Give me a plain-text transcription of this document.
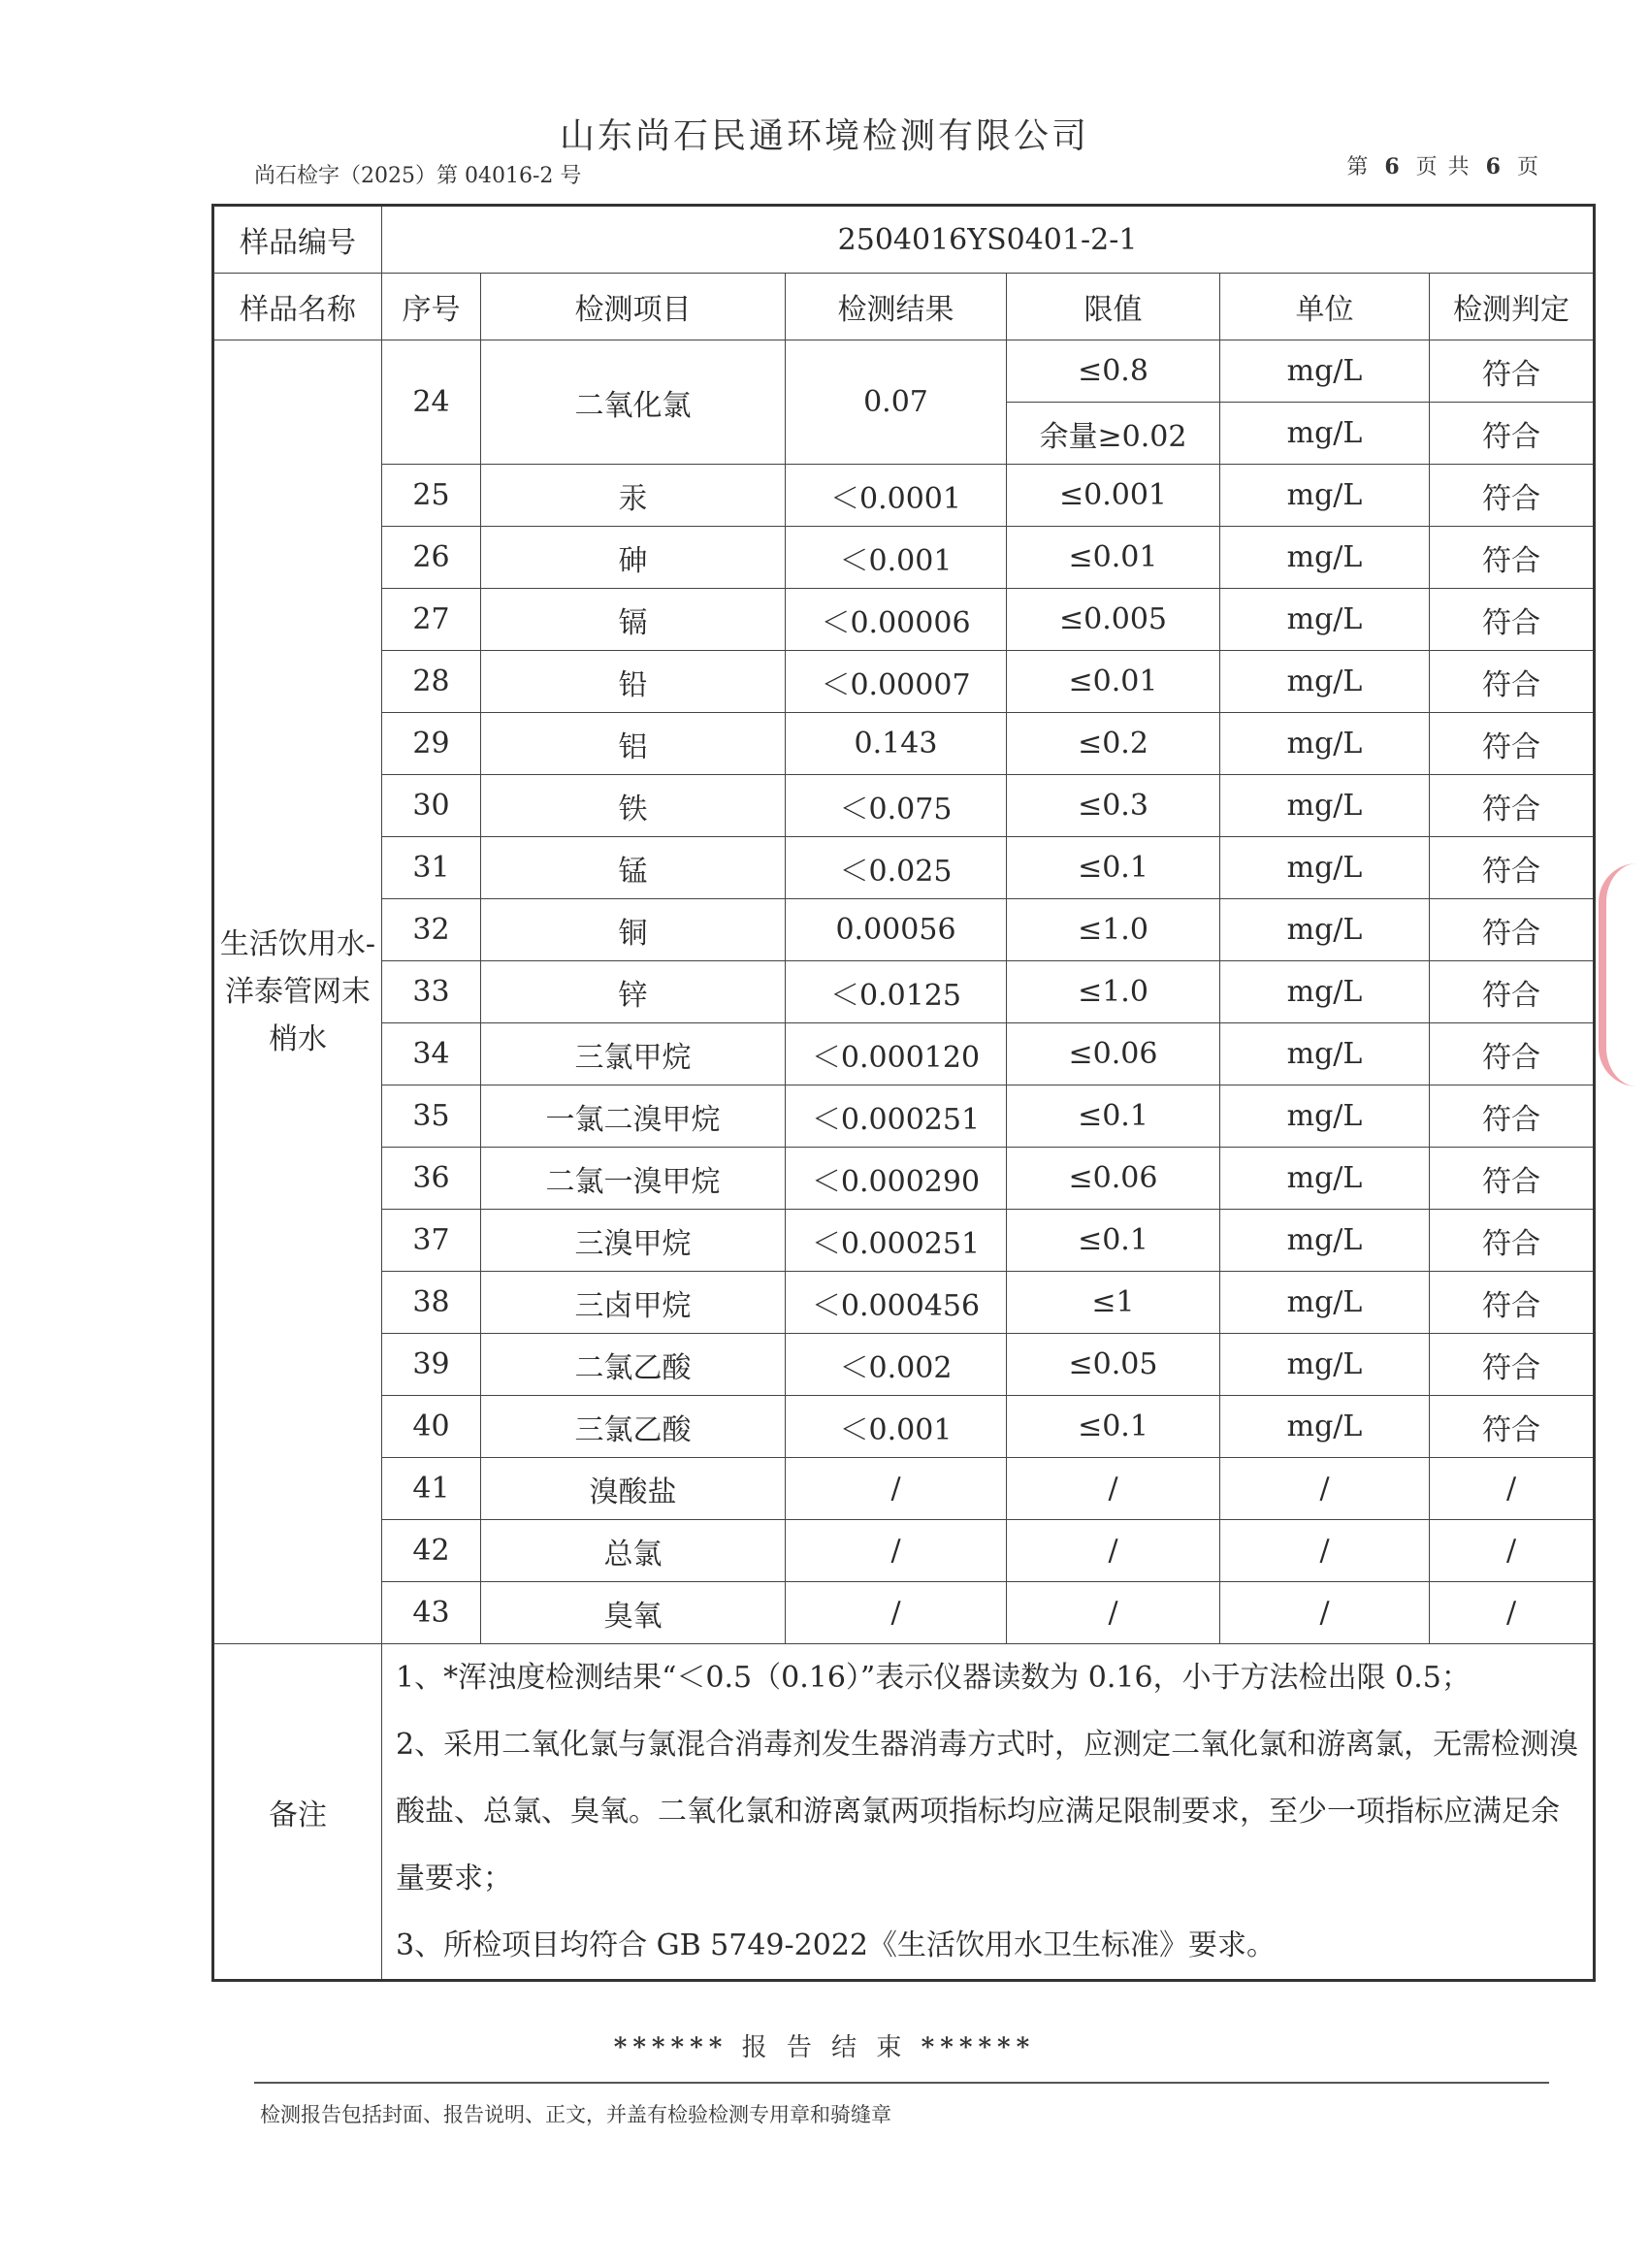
山东尚石民通环境检测有限公司
尚石检字（2025）第 04016-2 号	第 6 页 共 6 页
样品编号	2504016YS0401-2-1					
样品名称	序号	检测项目	检测结果	限值	单位	检测判定
生活饮用水-洋泰管网末梢水	24	二氧化氯	0.07	≤0.8	mg/L	符合
				余量≥0.02	mg/L	符合
	25	汞	＜0.0001	≤0.001	mg/L	符合
	26	砷	＜0.001	≤0.01	mg/L	符合
	27	镉	＜0.00006	≤0.005	mg/L	符合
	28	铅	＜0.00007	≤0.01	mg/L	符合
	29	铝	0.143	≤0.2	mg/L	符合
	30	铁	＜0.075	≤0.3	mg/L	符合
	31	锰	＜0.025	≤0.1	mg/L	符合
	32	铜	0.00056	≤1.0	mg/L	符合
	33	锌	＜0.0125	≤1.0	mg/L	符合
	34	三氯甲烷	＜0.000120	≤0.06	mg/L	符合
	35	一氯二溴甲烷	＜0.000251	≤0.1	mg/L	符合
	36	二氯一溴甲烷	＜0.000290	≤0.06	mg/L	符合
	37	三溴甲烷	＜0.000251	≤0.1	mg/L	符合
	38	三卤甲烷	＜0.000456	≤1	mg/L	符合
	39	二氯乙酸	＜0.002	≤0.05	mg/L	符合
	40	三氯乙酸	＜0.001	≤0.1	mg/L	符合
	41	溴酸盐	/	/	/	/
	42	总氯	/	/	/	/
	43	臭氧	/	/	/	/
备注	1、*浑浊度检测结果“＜0.5（0.16）”表示仪器读数为 0.16，小于方法检出限 0.5；
2、采用二氧化氯与氯混合消毒剂发生器消毒方式时，应测定二氧化氯和游离氯，无需检测溴酸盐、总氯、臭氧。二氧化氯和游离氯两项指标均应满足限制要求，至少一项指标应满足余量要求；
3、所检项目均符合 GB 5749-2022《生活饮用水卫生标准》要求。					
****** 报 告 结 束 ******
检测报告包括封面、报告说明、正文，并盖有检验检测专用章和骑缝章
